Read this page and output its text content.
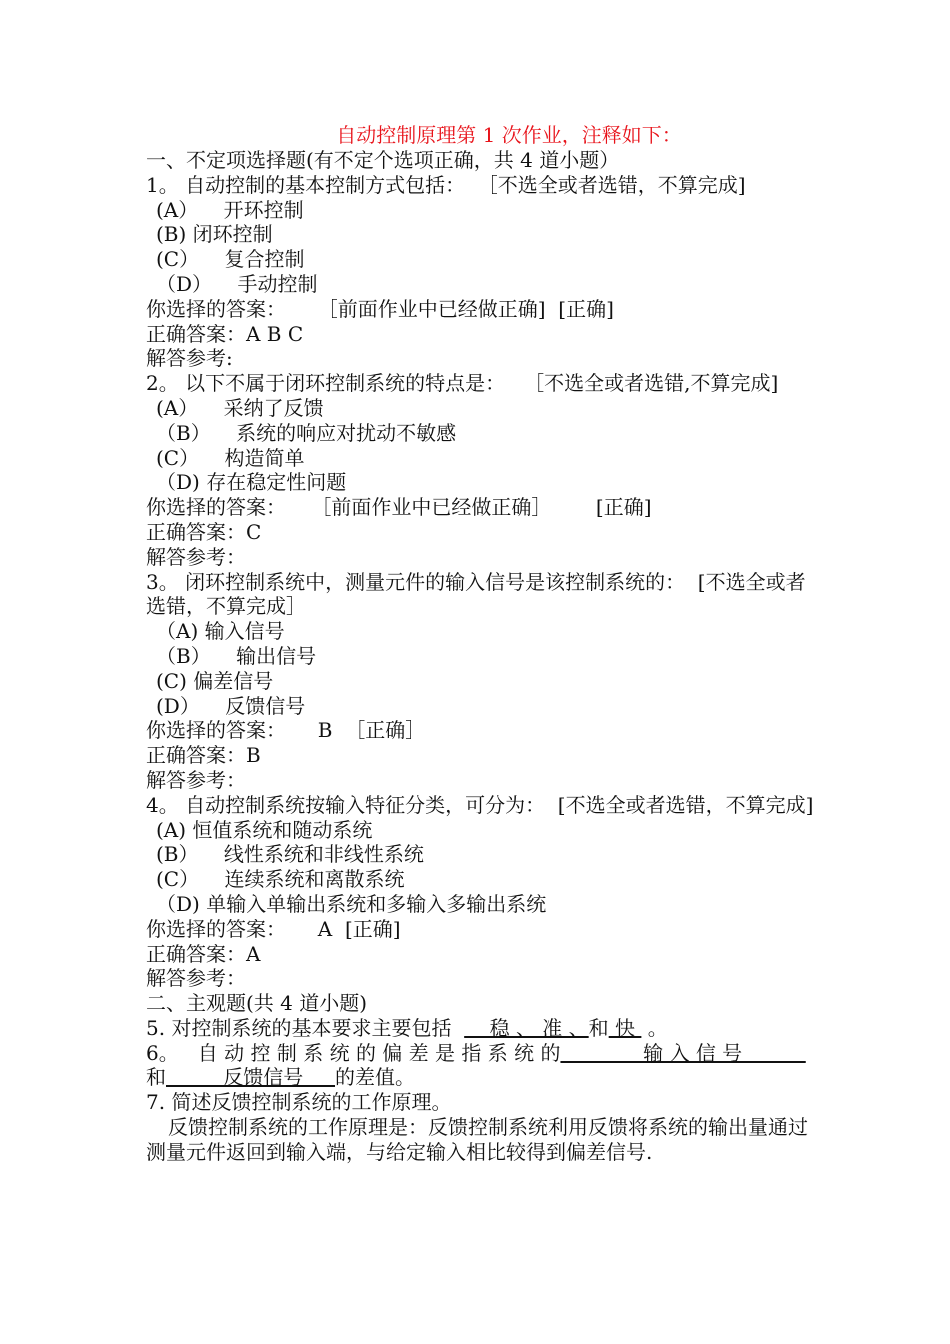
自动控制原理第 1 次作业，注释如下：

一、不定项选择题(有不定个选项正确，共 4 道小题）

1。 自动控制的基本控制方式包括：  ［不选全或者选错，不算完成]

(A）    开环控制

(B) 闭环控制

(C）    复合控制

（D）    手动控制

你选择的答案：     ［前面作业中已经做正确]  [正确]

正确答案：A B C

解答参考:

2。 以下不属于闭环控制系统的特点是：   ［不选全或者选错,不算完成]

(A）    采纳了反馈

（B）    系统的响应对扰动不敏感

(C）    构造简单

（D) 存在稳定性问题

你选择的答案：    ［前面作业中已经做正确］       [正确]

正确答案：C

解答参考：

3。 闭环控制系统中，测量元件的输入信号是该控制系统的：  [不选全或者选错，不算完成］

（A) 输入信号

（B）    输出信号

(C) 偏差信号

(D）    反馈信号

你选择的答案：     B  ［正确］

正确答案：B

解答参考：

4。 自动控制系统按输入特征分类，可分为：  [不选全或者选错，不算完成]

(A) 恒值系统和随动系统

(B）    线性系统和非线性系统

(C）    连续系统和离散系统

（D) 单输入单输出系统和多输入多输出系统

你选择的答案：     A  [正确]

正确答案：A

解答参考：

二、主观题(共 4 道小题)

5. 对控制系统的基本要求主要包括      稳 、 准 、和 快  。

6。   自 动 控 制 系 统 的 偏 差 是 指 系 统 的             输 入 信 号
和         反馈信号     的差值。

7. 简述反馈控制系统的工作原理。

反馈控制系统的工作原理是：反馈控制系统利用反馈将系统的输出量通过测量元件返回到输入端，与给定输入相比较得到偏差信号.
